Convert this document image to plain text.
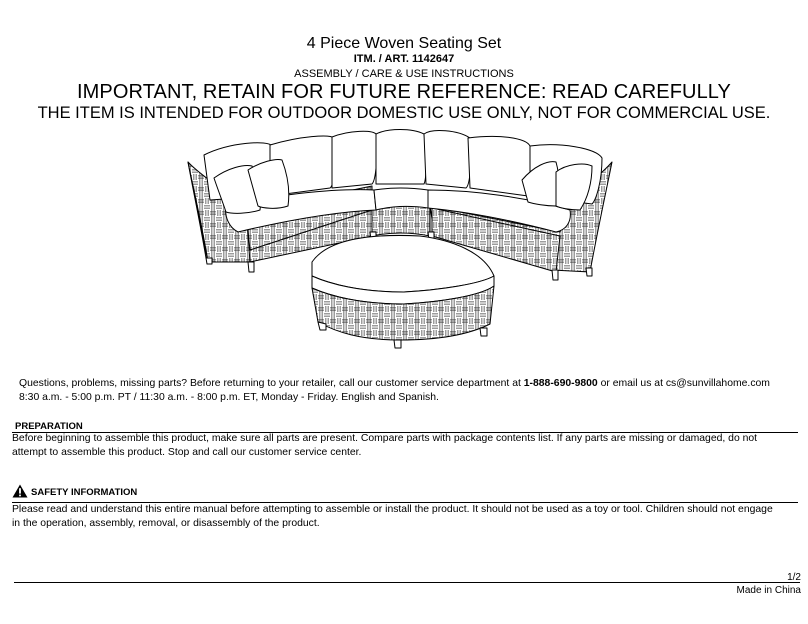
4 Piece Woven Seating Set
ITM. / ART. 1142647
ASSEMBLY / CARE & USE INSTRUCTIONS
IMPORTANT, RETAIN FOR FUTURE REFERENCE: READ CAREFULLY
THE ITEM IS INTENDED FOR OUTDOOR DOMESTIC USE ONLY, NOT FOR COMMERCIAL USE.
Questions, problems, missing parts? Before returning to your retailer, call our customer service department at 1-888-690-9800 or email us at cs@sunvillahome.com
8:30 a.m. - 5:00 p.m. PT / 11:30 a.m. - 8:00 p.m. ET, Monday - Friday. English and Spanish.
PREPARATION
Before beginning to assemble this product, make sure all parts are present. Compare parts with package contents list. If any parts are missing or damaged, do not
attempt to assemble this product. Stop and call our customer service center.
SAFETY INFORMATION
Please read and understand this entire manual before attempting to assemble or install the product. It should not be used as a toy or tool. Children should not engage
in the operation, assembly, removal, or disassembly of the product.
1/2
Made in China
